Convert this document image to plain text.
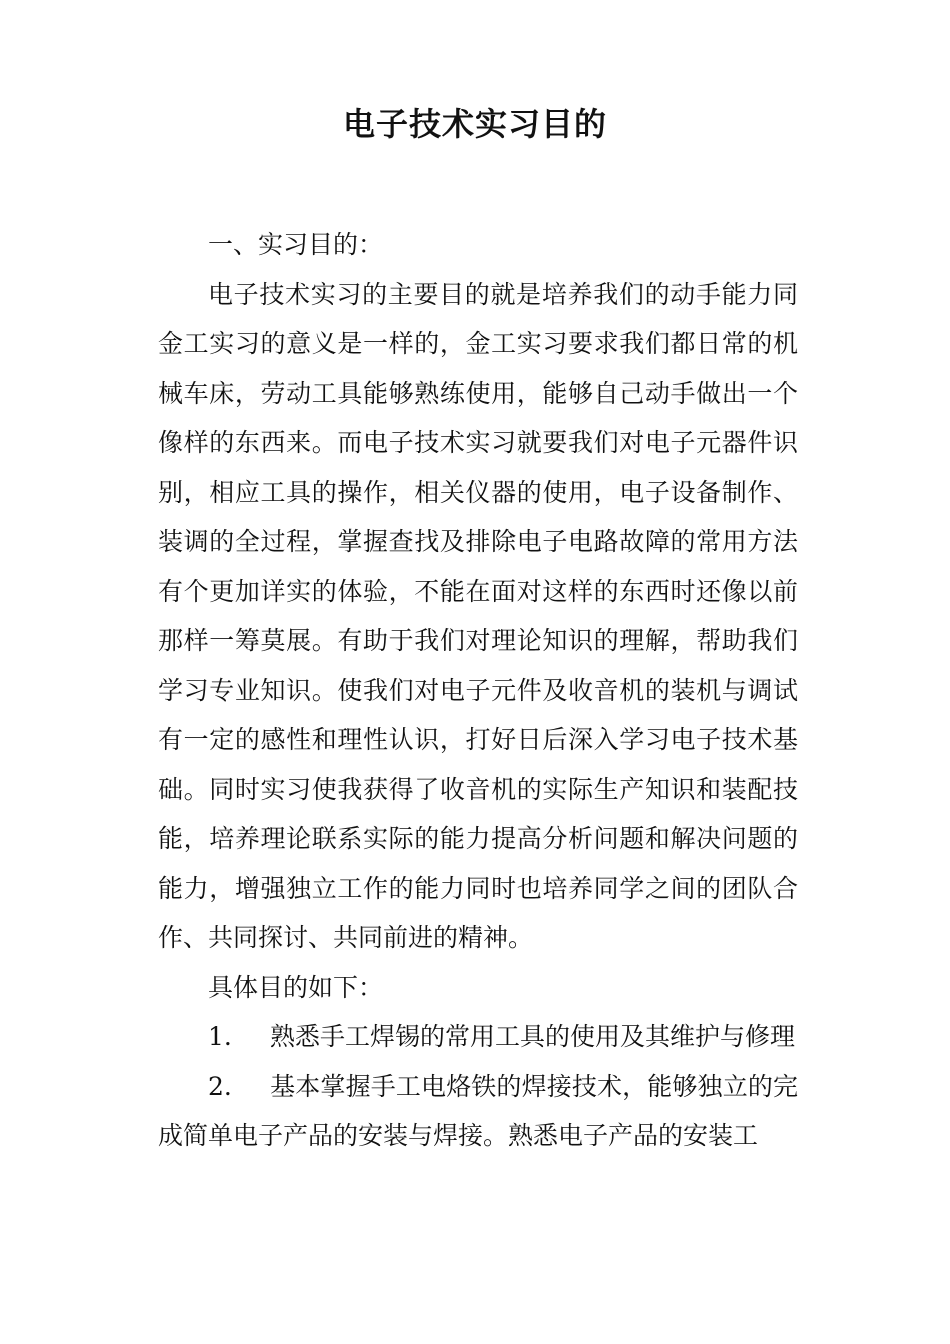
电子技术实习目的

一、实习目的：

电子技术实习的主要目的就是培养我们的动手能力同金工实习的意义是一样的，金工实习要求我们都日常的机械车床，劳动工具能够熟练使用，能够自己动手做出一个像样的东西来。而电子技术实习就要我们对电子元器件识别，相应工具的操作，相关仪器的使用，电子设备制作、装调的全过程，掌握查找及排除电子电路故障的常用方法有个更加详实的体验，不能在面对这样的东西时还像以前那样一筹莫展。有助于我们对理论知识的理解，帮助我们学习专业知识。使我们对电子元件及收音机的装机与调试有一定的感性和理性认识，打好日后深入学习电子技术基础。同时实习使我获得了收音机的实际生产知识和装配技能，培养理论联系实际的能力提高分析问题和解决问题的能力，增强独立工作的能力同时也培养同学之间的团队合作、共同探讨、共同前进的精神。

具体目的如下：

1. 熟悉手工焊锡的常用工具的使用及其维护与修理

2. 基本掌握手工电烙铁的焊接技术，能够独立的完成简单电子产品的安装与焊接。熟悉电子产品的安装工
